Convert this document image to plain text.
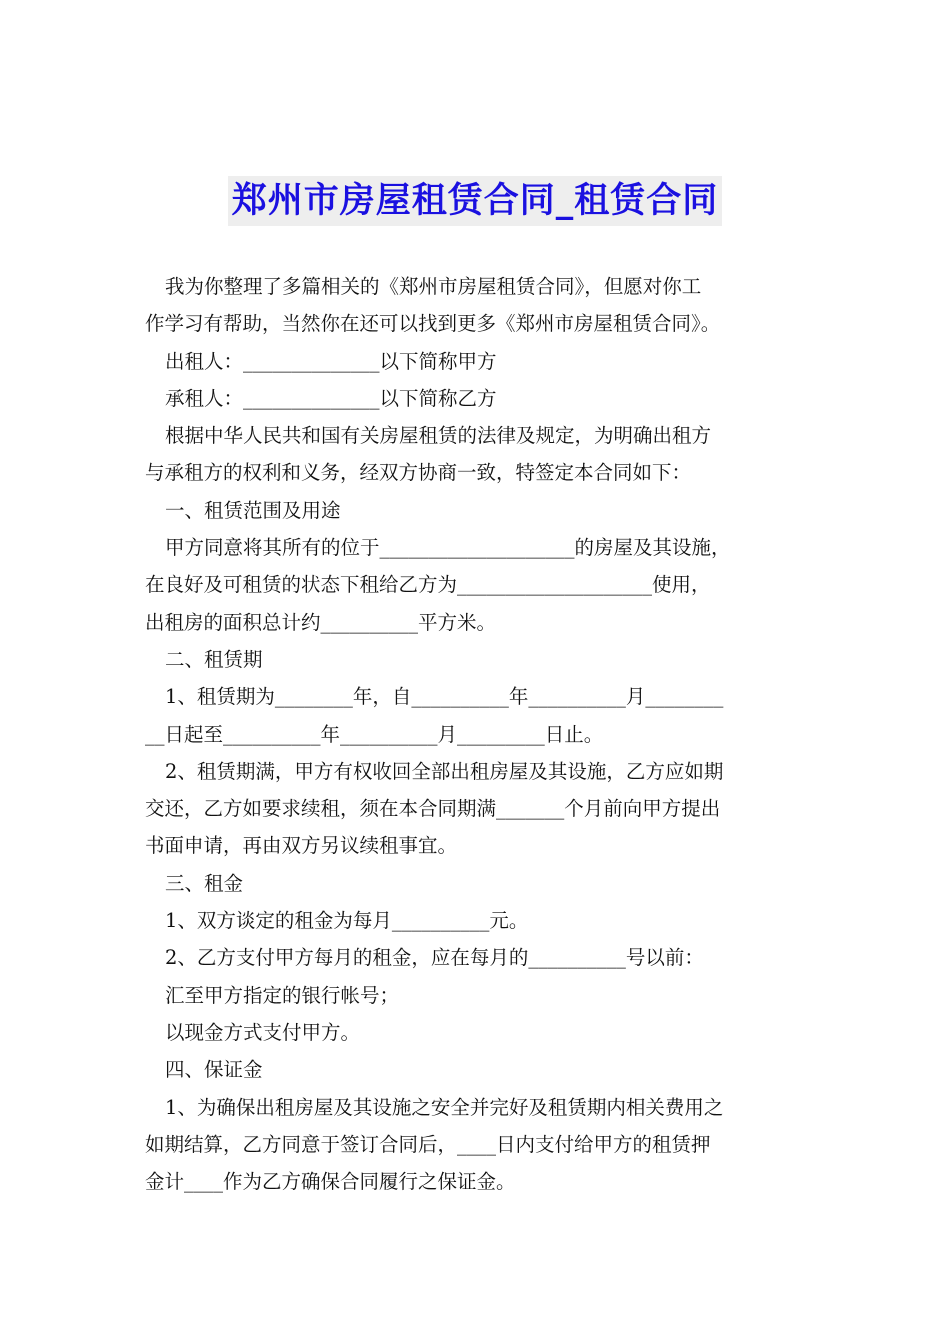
郑州市房屋租赁合同_租赁合同

我为你整理了多篇相关的《郑州市房屋租赁合同》，但愿对你工
作学习有帮助，当然你在还可以找到更多《郑州市房屋租赁合同》。

出租人：______________以下简称甲方

承租人：______________以下简称乙方

根据中华人民共和国有关房屋租赁的法律及规定，为明确出租方
与承租方的权利和义务，经双方协商一致，特签定本合同如下：

一、租赁范围及用途

甲方同意将其所有的位于____________________的房屋及其设施，
在良好及可租赁的状态下租给乙方为____________________使用，
出租房的面积总计约__________平方米。

二、租赁期

1、租赁期为________年，自__________年__________月________
__日起至__________年__________月_________日止。

2、租赁期满，甲方有权收回全部出租房屋及其设施，乙方应如期
交还，乙方如要求续租，须在本合同期满_______个月前向甲方提出
书面申请，再由双方另议续租事宜。

三、租金

1、双方谈定的租金为每月__________元。

2、乙方支付甲方每月的租金，应在每月的__________号以前：

汇至甲方指定的银行帐号；

以现金方式支付甲方。

四、保证金

1、为确保出租房屋及其设施之安全并完好及租赁期内相关费用之
如期结算，乙方同意于签订合同后，____日内支付给甲方的租赁押
金计____作为乙方确保合同履行之保证金。
